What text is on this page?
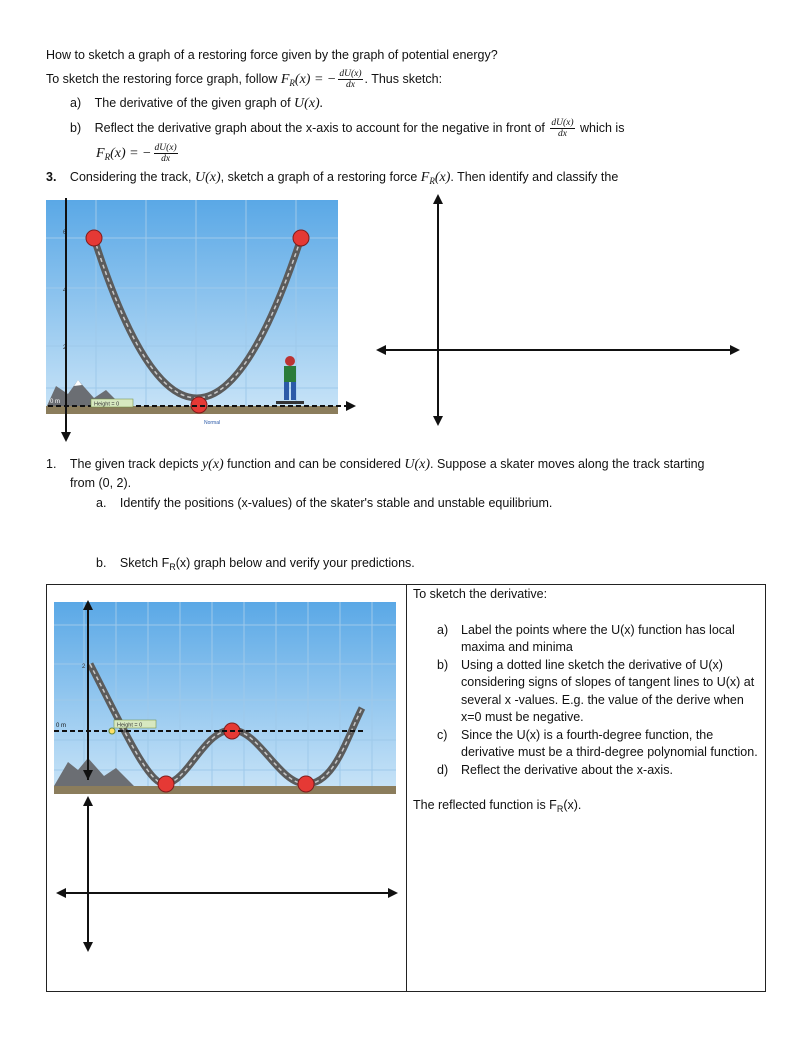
How to sketch a graph of a restoring force given by the graph of potential energy?
To sketch the restoring force graph, follow $F_R(x)$ = − $\frac{dU(x)}{dx}$ . Thus sketch:
a) The derivative of the given graph of U(x).
b) Reflect the derivative graph about the x-axis to account for the negative in front of $\frac{dU(x)}{dx}$ which is
$F_R(x)$ = − $\frac{dU(x)}{dx}$
3. Considering the track, U(x), sketch a graph of a restoring force $F_R(x)$. Then identify and classify the
Height = 0
0 m
6
4
2
Normal
1. The given track depicts y(x) function and can be considered U(x). Suppose a skater moves along the track starting
from (0, 2).
a. Identify the positions (x-values) of the skater's stable and unstable equilibrium.
b. Sketch $F_R(x)$ graph below and verify your predictions.
Height = 0
0 m
2
To sketch the derivative:
a)	Label the points where the U(x) function has local maxima and minima
b)	Using a dotted line sketch the derivative of U(x) considering signs of slopes of tangent lines to U(x) at several x -values. E.g. the value of the derive when x=0 must be negative.
c)	Since the U(x) is a fourth-degree function, the derivative must be a third-degree polynomial function.
d)	Reflect the derivative about the x-axis.
The reflected function is $F_R(x)$.
